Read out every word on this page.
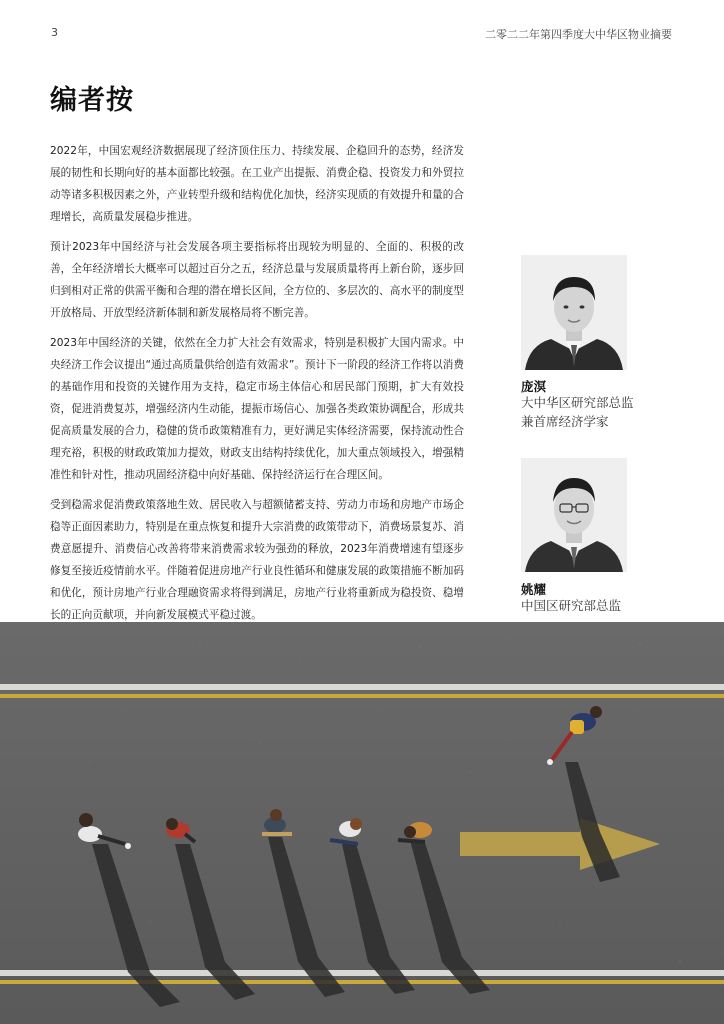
3	二零二二年第四季度大中华区物业摘要
编者按

2022年，中国宏观经济数据展现了经济顶住压力、持续发展、企稳回升的态势，经济发展的韧性和长期向好的基本面都比较强。在工业产出提振、消费企稳、投资发力和外贸拉动等诸多积极因素之外，产业转型升级和结构优化加快，经济实现质的有效提升和量的合理增长，高质量发展稳步推进。

预计2023年中国经济与社会发展各项主要指标将出现较为明显的、全面的、积极的改善，全年经济增长大概率可以超过百分之五，经济总量与发展质量将再上新台阶，逐步回归到相对正常的供需平衡和合理的潜在增长区间，全方位的、多层次的、高水平的制度型开放格局、开放型经济新体制和新发展格局将不断完善。

2023年中国经济的关键，依然在全力扩大社会有效需求，特别是积极扩大国内需求。中央经济工作会议提出“通过高质量供给创造有效需求”。预计下一阶段的经济工作将以消费的基础作用和投资的关键作用为支持，稳定市场主体信心和居民部门预期，扩大有效投资，促进消费复苏，增强经济内生动能，提振市场信心、加强各类政策协调配合，形成共促高质量发展的合力，稳健的货币政策精准有力，更好满足实体经济需要，保持流动性合理充裕，积极的财政政策加力提效，财政支出结构持续优化，加大重点领域投入，增强精准性和针对性，推动巩固经济稳中向好基础、保持经济运行在合理区间。

受到稳需求促消费政策落地生效、居民收入与超额储蓄支持、劳动力市场和房地产市场企稳等正面因素助力，特别是在重点恢复和提升大宗消费的政策带动下，消费场景复苏、消费意愿提升、消费信心改善将带来消费需求较为强劲的释放，2023年消费增速有望逐步修复至接近疫情前水平。伴随着促进房地产行业良性循环和健康发展的政策措施不断加码和优化，预计房地产行业合理融资需求将得到满足，房地产行业将重新成为稳投资、稳增长的正向贡献项，并向新发展模式平稳过渡。

庞溟
大中华区研究部总监
兼首席经济学家
姚耀
中国区研究部总监
